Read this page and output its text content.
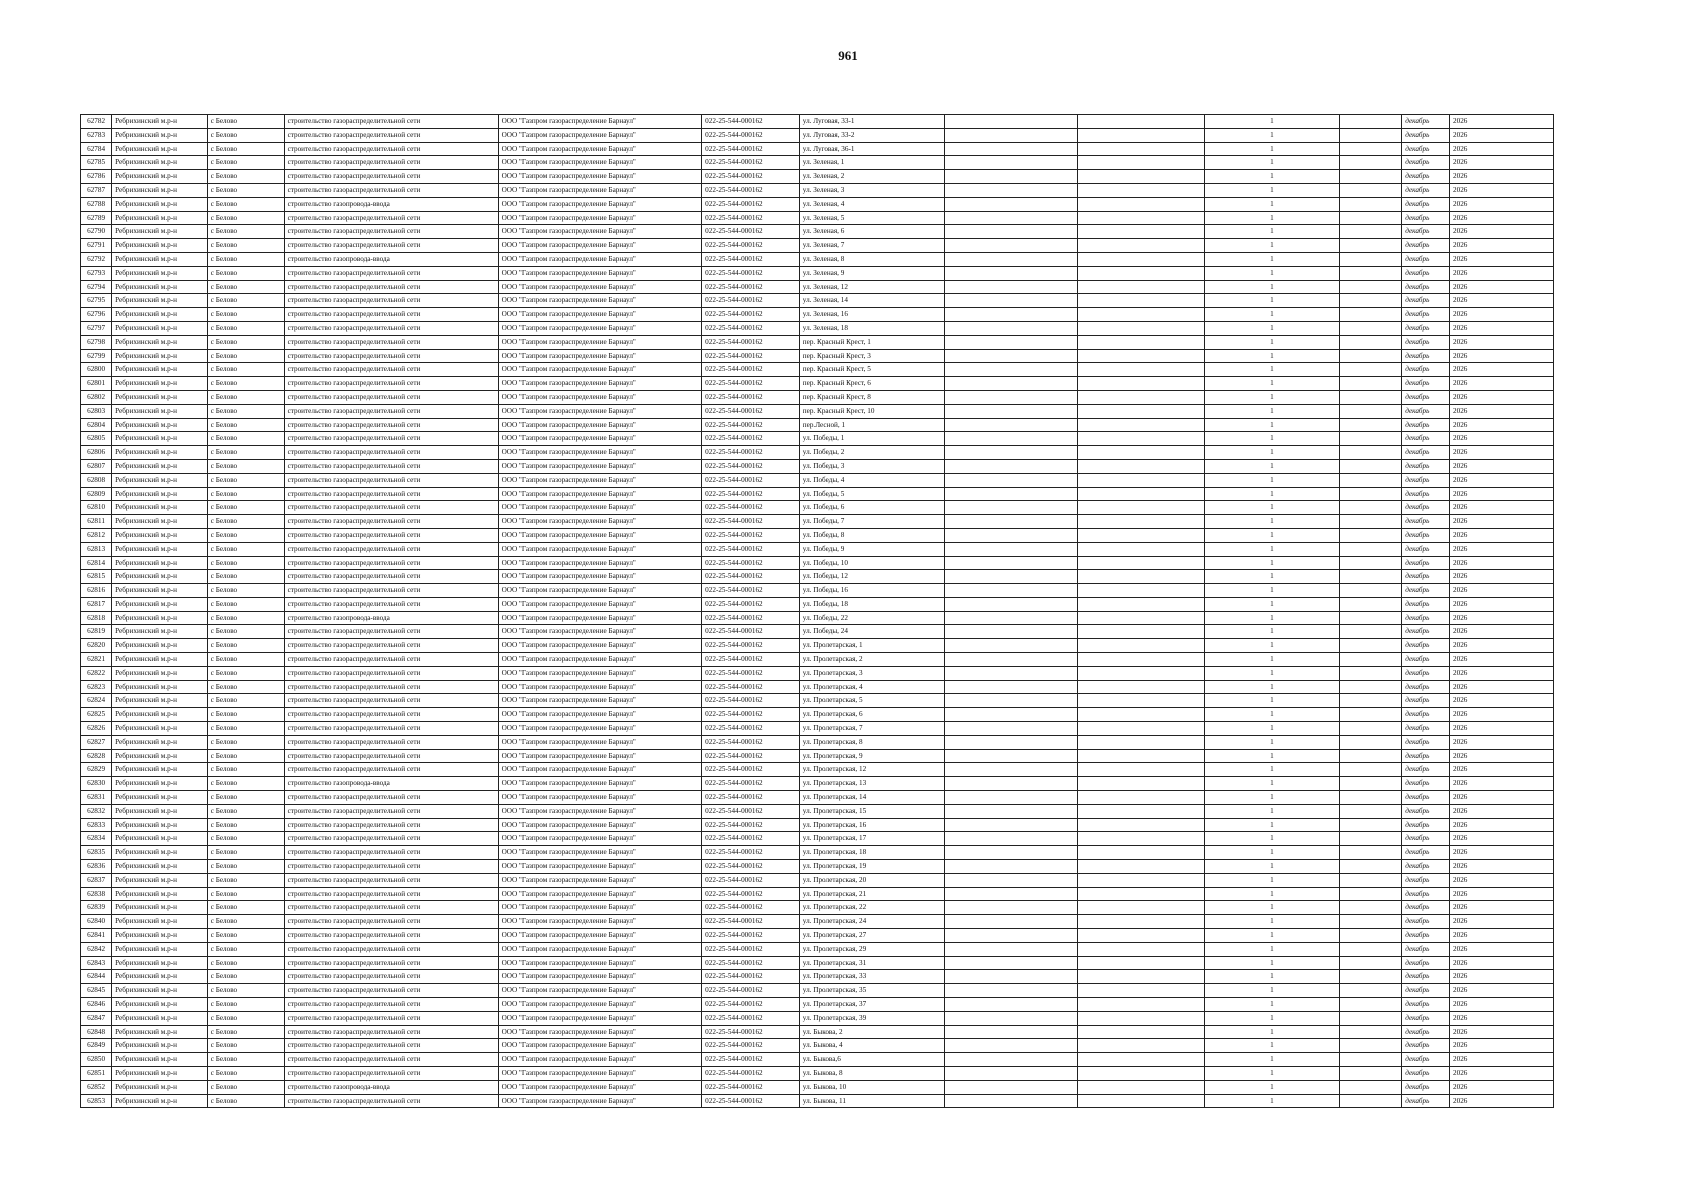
961
62782	Ребрихинский м.р-н	с Белово	строительство газораспределительной сети	ООО "Газпром газораспределение Барнаул"	022-25-544-000162	ул. Луговая, 33-1			1		декабрь	2026
62783	Ребрихинский м.р-н	с Белово	строительство газораспределительной сети	ООО "Газпром газораспределение Барнаул"	022-25-544-000162	ул. Луговая, 33-2			1		декабрь	2026
62784	Ребрихинский м.р-н	с Белово	строительство газораспределительной сети	ООО "Газпром газораспределение Барнаул"	022-25-544-000162	ул. Луговая, 36-1			1		декабрь	2026
62785	Ребрихинский м.р-н	с Белово	строительство газораспределительной сети	ООО "Газпром газораспределение Барнаул"	022-25-544-000162	ул. Зеленая, 1			1		декабрь	2026
62786	Ребрихинский м.р-н	с Белово	строительство газораспределительной сети	ООО "Газпром газораспределение Барнаул"	022-25-544-000162	ул. Зеленая, 2			1		декабрь	2026
62787	Ребрихинский м.р-н	с Белово	строительство газораспределительной сети	ООО "Газпром газораспределение Барнаул"	022-25-544-000162	ул. Зеленая, 3			1		декабрь	2026
62788	Ребрихинский м.р-н	с Белово	строительство газопровода-ввода	ООО "Газпром газораспределение Барнаул"	022-25-544-000162	ул. Зеленая, 4			1		декабрь	2026
62789	Ребрихинский м.р-н	с Белово	строительство газораспределительной сети	ООО "Газпром газораспределение Барнаул"	022-25-544-000162	ул. Зеленая, 5			1		декабрь	2026
62790	Ребрихинский м.р-н	с Белово	строительство газораспределительной сети	ООО "Газпром газораспределение Барнаул"	022-25-544-000162	ул. Зеленая, 6			1		декабрь	2026
62791	Ребрихинский м.р-н	с Белово	строительство газораспределительной сети	ООО "Газпром газораспределение Барнаул"	022-25-544-000162	ул. Зеленая, 7			1		декабрь	2026
62792	Ребрихинский м.р-н	с Белово	строительство газопровода-ввода	ООО "Газпром газораспределение Барнаул"	022-25-544-000162	ул. Зеленая, 8			1		декабрь	2026
62793	Ребрихинский м.р-н	с Белово	строительство газораспределительной сети	ООО "Газпром газораспределение Барнаул"	022-25-544-000162	ул. Зеленая, 9			1		декабрь	2026
62794	Ребрихинский м.р-н	с Белово	строительство газораспределительной сети	ООО "Газпром газораспределение Барнаул"	022-25-544-000162	ул. Зеленая, 12			1		декабрь	2026
62795	Ребрихинский м.р-н	с Белово	строительство газораспределительной сети	ООО "Газпром газораспределение Барнаул"	022-25-544-000162	ул. Зеленая, 14			1		декабрь	2026
62796	Ребрихинский м.р-н	с Белово	строительство газораспределительной сети	ООО "Газпром газораспределение Барнаул"	022-25-544-000162	ул. Зеленая, 16			1		декабрь	2026
62797	Ребрихинский м.р-н	с Белово	строительство газораспределительной сети	ООО "Газпром газораспределение Барнаул"	022-25-544-000162	ул. Зеленая, 18			1		декабрь	2026
62798	Ребрихинский м.р-н	с Белово	строительство газораспределительной сети	ООО "Газпром газораспределение Барнаул"	022-25-544-000162	пер. Красный Крест, 1			1		декабрь	2026
62799	Ребрихинский м.р-н	с Белово	строительство газораспределительной сети	ООО "Газпром газораспределение Барнаул"	022-25-544-000162	пер. Красный Крест, 3			1		декабрь	2026
62800	Ребрихинский м.р-н	с Белово	строительство газораспределительной сети	ООО "Газпром газораспределение Барнаул"	022-25-544-000162	пер. Красный Крест, 5			1		декабрь	2026
62801	Ребрихинский м.р-н	с Белово	строительство газораспределительной сети	ООО "Газпром газораспределение Барнаул"	022-25-544-000162	пер. Красный Крест, 6			1		декабрь	2026
62802	Ребрихинский м.р-н	с Белово	строительство газораспределительной сети	ООО "Газпром газораспределение Барнаул"	022-25-544-000162	пер. Красный Крест, 8			1		декабрь	2026
62803	Ребрихинский м.р-н	с Белово	строительство газораспределительной сети	ООО "Газпром газораспределение Барнаул"	022-25-544-000162	пер. Красный Крест, 10			1		декабрь	2026
62804	Ребрихинский м.р-н	с Белово	строительство газораспределительной сети	ООО "Газпром газораспределение Барнаул"	022-25-544-000162	пер.Лесной, 1			1		декабрь	2026
62805	Ребрихинский м.р-н	с Белово	строительство газораспределительной сети	ООО "Газпром газораспределение Барнаул"	022-25-544-000162	ул. Победы, 1			1		декабрь	2026
62806	Ребрихинский м.р-н	с Белово	строительство газораспределительной сети	ООО "Газпром газораспределение Барнаул"	022-25-544-000162	ул. Победы, 2			1		декабрь	2026
62807	Ребрихинский м.р-н	с Белово	строительство газораспределительной сети	ООО "Газпром газораспределение Барнаул"	022-25-544-000162	ул. Победы, 3			1		декабрь	2026
62808	Ребрихинский м.р-н	с Белово	строительство газораспределительной сети	ООО "Газпром газораспределение Барнаул"	022-25-544-000162	ул. Победы, 4			1		декабрь	2026
62809	Ребрихинский м.р-н	с Белово	строительство газораспределительной сети	ООО "Газпром газораспределение Барнаул"	022-25-544-000162	ул. Победы, 5			1		декабрь	2026
62810	Ребрихинский м.р-н	с Белово	строительство газораспределительной сети	ООО "Газпром газораспределение Барнаул"	022-25-544-000162	ул. Победы, 6			1		декабрь	2026
62811	Ребрихинский м.р-н	с Белово	строительство газораспределительной сети	ООО "Газпром газораспределение Барнаул"	022-25-544-000162	ул. Победы, 7			1		декабрь	2026
62812	Ребрихинский м.р-н	с Белово	строительство газораспределительной сети	ООО "Газпром газораспределение Барнаул"	022-25-544-000162	ул. Победы, 8			1		декабрь	2026
62813	Ребрихинский м.р-н	с Белово	строительство газораспределительной сети	ООО "Газпром газораспределение Барнаул"	022-25-544-000162	ул. Победы, 9			1		декабрь	2026
62814	Ребрихинский м.р-н	с Белово	строительство газораспределительной сети	ООО "Газпром газораспределение Барнаул"	022-25-544-000162	ул. Победы, 10			1		декабрь	2026
62815	Ребрихинский м.р-н	с Белово	строительство газораспределительной сети	ООО "Газпром газораспределение Барнаул"	022-25-544-000162	ул. Победы, 12			1		декабрь	2026
62816	Ребрихинский м.р-н	с Белово	строительство газораспределительной сети	ООО "Газпром газораспределение Барнаул"	022-25-544-000162	ул. Победы, 16			1		декабрь	2026
62817	Ребрихинский м.р-н	с Белово	строительство газораспределительной сети	ООО "Газпром газораспределение Барнаул"	022-25-544-000162	ул. Победы, 18			1		декабрь	2026
62818	Ребрихинский м.р-н	с Белово	строительство газопровода-ввода	ООО "Газпром газораспределение Барнаул"	022-25-544-000162	ул. Победы, 22			1		декабрь	2026
62819	Ребрихинский м.р-н	с Белово	строительство газораспределительной сети	ООО "Газпром газораспределение Барнаул"	022-25-544-000162	ул. Победы, 24			1		декабрь	2026
62820	Ребрихинский м.р-н	с Белово	строительство газораспределительной сети	ООО "Газпром газораспределение Барнаул"	022-25-544-000162	ул. Пролетарская, 1			1		декабрь	2026
62821	Ребрихинский м.р-н	с Белово	строительство газораспределительной сети	ООО "Газпром газораспределение Барнаул"	022-25-544-000162	ул. Пролетарская, 2			1		декабрь	2026
62822	Ребрихинский м.р-н	с Белово	строительство газораспределительной сети	ООО "Газпром газораспределение Барнаул"	022-25-544-000162	ул. Пролетарская, 3			1		декабрь	2026
62823	Ребрихинский м.р-н	с Белово	строительство газораспределительной сети	ООО "Газпром газораспределение Барнаул"	022-25-544-000162	ул. Пролетарская, 4			1		декабрь	2026
62824	Ребрихинский м.р-н	с Белово	строительство газораспределительной сети	ООО "Газпром газораспределение Барнаул"	022-25-544-000162	ул. Пролетарская, 5			1		декабрь	2026
62825	Ребрихинский м.р-н	с Белово	строительство газораспределительной сети	ООО "Газпром газораспределение Барнаул"	022-25-544-000162	ул. Пролетарская, 6			1		декабрь	2026
62826	Ребрихинский м.р-н	с Белово	строительство газораспределительной сети	ООО "Газпром газораспределение Барнаул"	022-25-544-000162	ул. Пролетарская, 7			1		декабрь	2026
62827	Ребрихинский м.р-н	с Белово	строительство газораспределительной сети	ООО "Газпром газораспределение Барнаул"	022-25-544-000162	ул. Пролетарская, 8			1		декабрь	2026
62828	Ребрихинский м.р-н	с Белово	строительство газораспределительной сети	ООО "Газпром газораспределение Барнаул"	022-25-544-000162	ул. Пролетарская, 9			1		декабрь	2026
62829	Ребрихинский м.р-н	с Белово	строительство газораспределительной сети	ООО "Газпром газораспределение Барнаул"	022-25-544-000162	ул. Пролетарская, 12			1		декабрь	2026
62830	Ребрихинский м.р-н	с Белово	строительство газопровода-ввода	ООО "Газпром газораспределение Барнаул"	022-25-544-000162	ул. Пролетарская, 13			1		декабрь	2026
62831	Ребрихинский м.р-н	с Белово	строительство газораспределительной сети	ООО "Газпром газораспределение Барнаул"	022-25-544-000162	ул. Пролетарская, 14			1		декабрь	2026
62832	Ребрихинский м.р-н	с Белово	строительство газораспределительной сети	ООО "Газпром газораспределение Барнаул"	022-25-544-000162	ул. Пролетарская, 15			1		декабрь	2026
62833	Ребрихинский м.р-н	с Белово	строительство газораспределительной сети	ООО "Газпром газораспределение Барнаул"	022-25-544-000162	ул. Пролетарская, 16			1		декабрь	2026
62834	Ребрихинский м.р-н	с Белово	строительство газораспределительной сети	ООО "Газпром газораспределение Барнаул"	022-25-544-000162	ул. Пролетарская, 17			1		декабрь	2026
62835	Ребрихинский м.р-н	с Белово	строительство газораспределительной сети	ООО "Газпром газораспределение Барнаул"	022-25-544-000162	ул. Пролетарская, 18			1		декабрь	2026
62836	Ребрихинский м.р-н	с Белово	строительство газораспределительной сети	ООО "Газпром газораспределение Барнаул"	022-25-544-000162	ул. Пролетарская, 19			1		декабрь	2026
62837	Ребрихинский м.р-н	с Белово	строительство газораспределительной сети	ООО "Газпром газораспределение Барнаул"	022-25-544-000162	ул. Пролетарская, 20			1		декабрь	2026
62838	Ребрихинский м.р-н	с Белово	строительство газораспределительной сети	ООО "Газпром газораспределение Барнаул"	022-25-544-000162	ул. Пролетарская, 21			1		декабрь	2026
62839	Ребрихинский м.р-н	с Белово	строительство газораспределительной сети	ООО "Газпром газораспределение Барнаул"	022-25-544-000162	ул. Пролетарская, 22			1		декабрь	2026
62840	Ребрихинский м.р-н	с Белово	строительство газораспределительной сети	ООО "Газпром газораспределение Барнаул"	022-25-544-000162	ул. Пролетарская, 24			1		декабрь	2026
62841	Ребрихинский м.р-н	с Белово	строительство газораспределительной сети	ООО "Газпром газораспределение Барнаул"	022-25-544-000162	ул. Пролетарская, 27			1		декабрь	2026
62842	Ребрихинский м.р-н	с Белово	строительство газораспределительной сети	ООО "Газпром газораспределение Барнаул"	022-25-544-000162	ул. Пролетарская, 29			1		декабрь	2026
62843	Ребрихинский м.р-н	с Белово	строительство газораспределительной сети	ООО "Газпром газораспределение Барнаул"	022-25-544-000162	ул. Пролетарская, 31			1		декабрь	2026
62844	Ребрихинский м.р-н	с Белово	строительство газораспределительной сети	ООО "Газпром газораспределение Барнаул"	022-25-544-000162	ул. Пролетарская, 33			1		декабрь	2026
62845	Ребрихинский м.р-н	с Белово	строительство газораспределительной сети	ООО "Газпром газораспределение Барнаул"	022-25-544-000162	ул. Пролетарская, 35			1		декабрь	2026
62846	Ребрихинский м.р-н	с Белово	строительство газораспределительной сети	ООО "Газпром газораспределение Барнаул"	022-25-544-000162	ул. Пролетарская, 37			1		декабрь	2026
62847	Ребрихинский м.р-н	с Белово	строительство газораспределительной сети	ООО "Газпром газораспределение Барнаул"	022-25-544-000162	ул. Пролетарская, 39			1		декабрь	2026
62848	Ребрихинский м.р-н	с Белово	строительство газораспределительной сети	ООО "Газпром газораспределение Барнаул"	022-25-544-000162	ул. Быкова, 2			1		декабрь	2026
62849	Ребрихинский м.р-н	с Белово	строительство газораспределительной сети	ООО "Газпром газораспределение Барнаул"	022-25-544-000162	ул. Быкова, 4			1		декабрь	2026
62850	Ребрихинский м.р-н	с Белово	строительство газораспределительной сети	ООО "Газпром газораспределение Барнаул"	022-25-544-000162	ул. Быкова,6			1		декабрь	2026
62851	Ребрихинский м.р-н	с Белово	строительство газораспределительной сети	ООО "Газпром газораспределение Барнаул"	022-25-544-000162	ул. Быкова, 8			1		декабрь	2026
62852	Ребрихинский м.р-н	с Белово	строительство газопровода-ввода	ООО "Газпром газораспределение Барнаул"	022-25-544-000162	ул. Быкова, 10			1		декабрь	2026
62853	Ребрихинский м.р-н	с Белово	строительство газораспределительной сети	ООО "Газпром газораспределение Барнаул"	022-25-544-000162	ул. Быкова, 11			1		декабрь	2026
